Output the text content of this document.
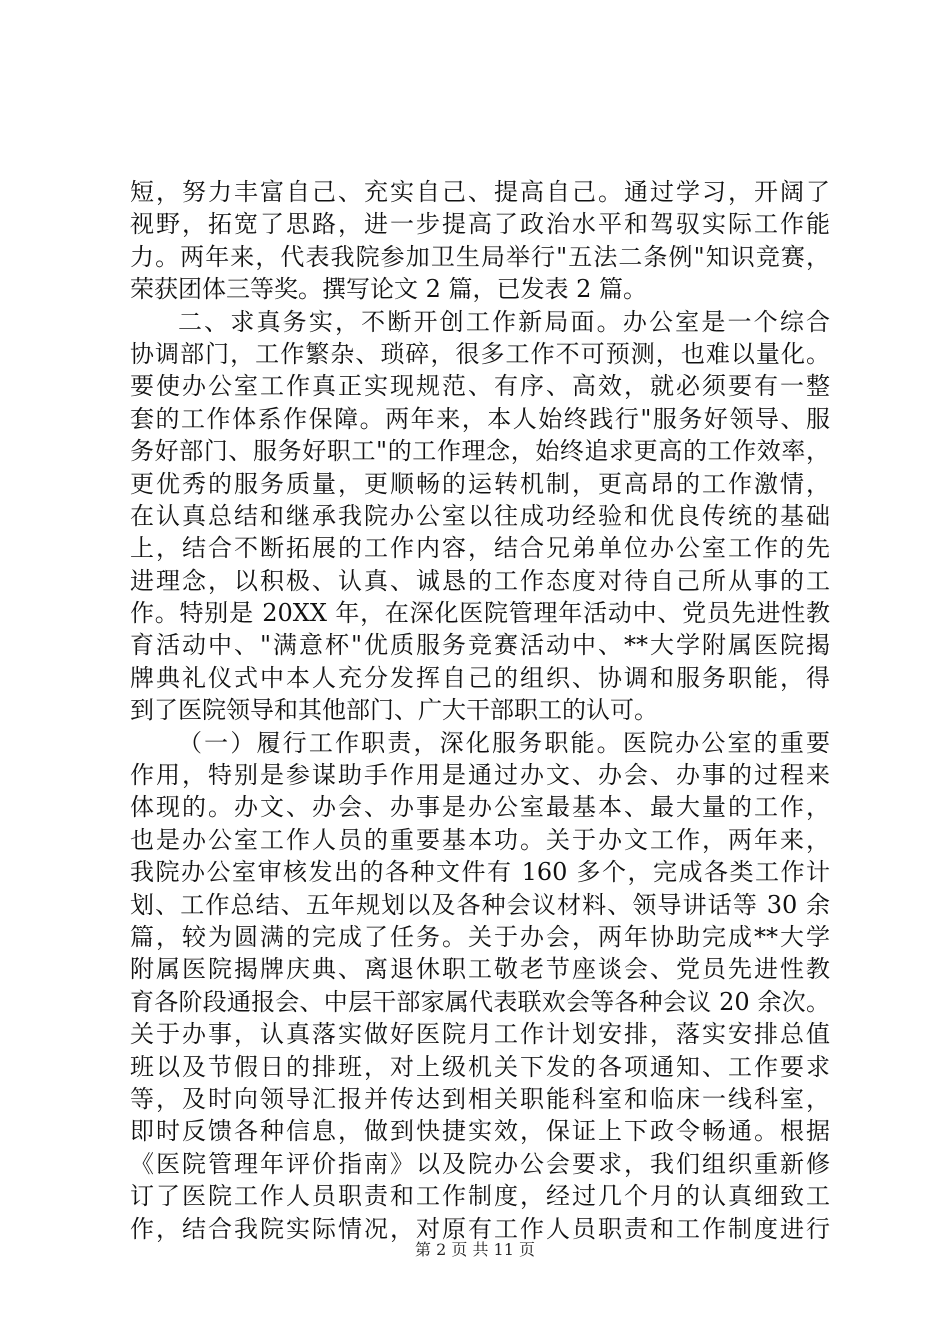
短，努力丰富自己、充实自己、提高自己。通过学习，开阔了
视野，拓宽了思路，进一步提高了政治水平和驾驭实际工作能
力。两年来，代表我院参加卫生局举行"五法二条例"知识竞赛，
荣获团体三等奖。撰写论文 2 篇，已发表 2 篇。
二、求真务实，不断开创工作新局面。办公室是一个综合
协调部门，工作繁杂、琐碎，很多工作不可预测，也难以量化。
要使办公室工作真正实现规范、有序、高效，就必须要有一整
套的工作体系作保障。两年来，本人始终践行"服务好领导、服
务好部门、服务好职工"的工作理念，始终追求更高的工作效率，
更优秀的服务质量，更顺畅的运转机制，更高昂的工作激情，
在认真总结和继承我院办公室以往成功经验和优良传统的基础
上，结合不断拓展的工作内容，结合兄弟单位办公室工作的先
进理念，以积极、认真、诚恳的工作态度对待自己所从事的工
作。特别是 20XX 年，在深化医院管理年活动中、党员先进性教
育活动中、"满意杯"优质服务竞赛活动中、**大学附属医院揭
牌典礼仪式中本人充分发挥自己的组织、协调和服务职能，得
到了医院领导和其他部门、广大干部职工的认可。
（一）履行工作职责，深化服务职能。医院办公室的重要
作用，特别是参谋助手作用是通过办文、办会、办事的过程来
体现的。办文、办会、办事是办公室最基本、最大量的工作，
也是办公室工作人员的重要基本功。关于办文工作，两年来，
我院办公室审核发出的各种文件有 160 多个，完成各类工作计
划、工作总结、五年规划以及各种会议材料、领导讲话等 30 余
篇，较为圆满的完成了任务。关于办会，两年协助完成**大学
附属医院揭牌庆典、离退休职工敬老节座谈会、党员先进性教
育各阶段通报会、中层干部家属代表联欢会等各种会议 20 余次。
关于办事，认真落实做好医院月工作计划安排，落实安排总值
班以及节假日的排班，对上级机关下发的各项通知、工作要求
等，及时向领导汇报并传达到相关职能科室和临床一线科室，
即时反馈各种信息，做到快捷实效，保证上下政令畅通。根据
《医院管理年评价指南》以及院办公会要求，我们组织重新修
订了医院工作人员职责和工作制度，经过几个月的认真细致工
作，结合我院实际情况，对原有工作人员职责和工作制度进行
第 2 页 共 11 页
